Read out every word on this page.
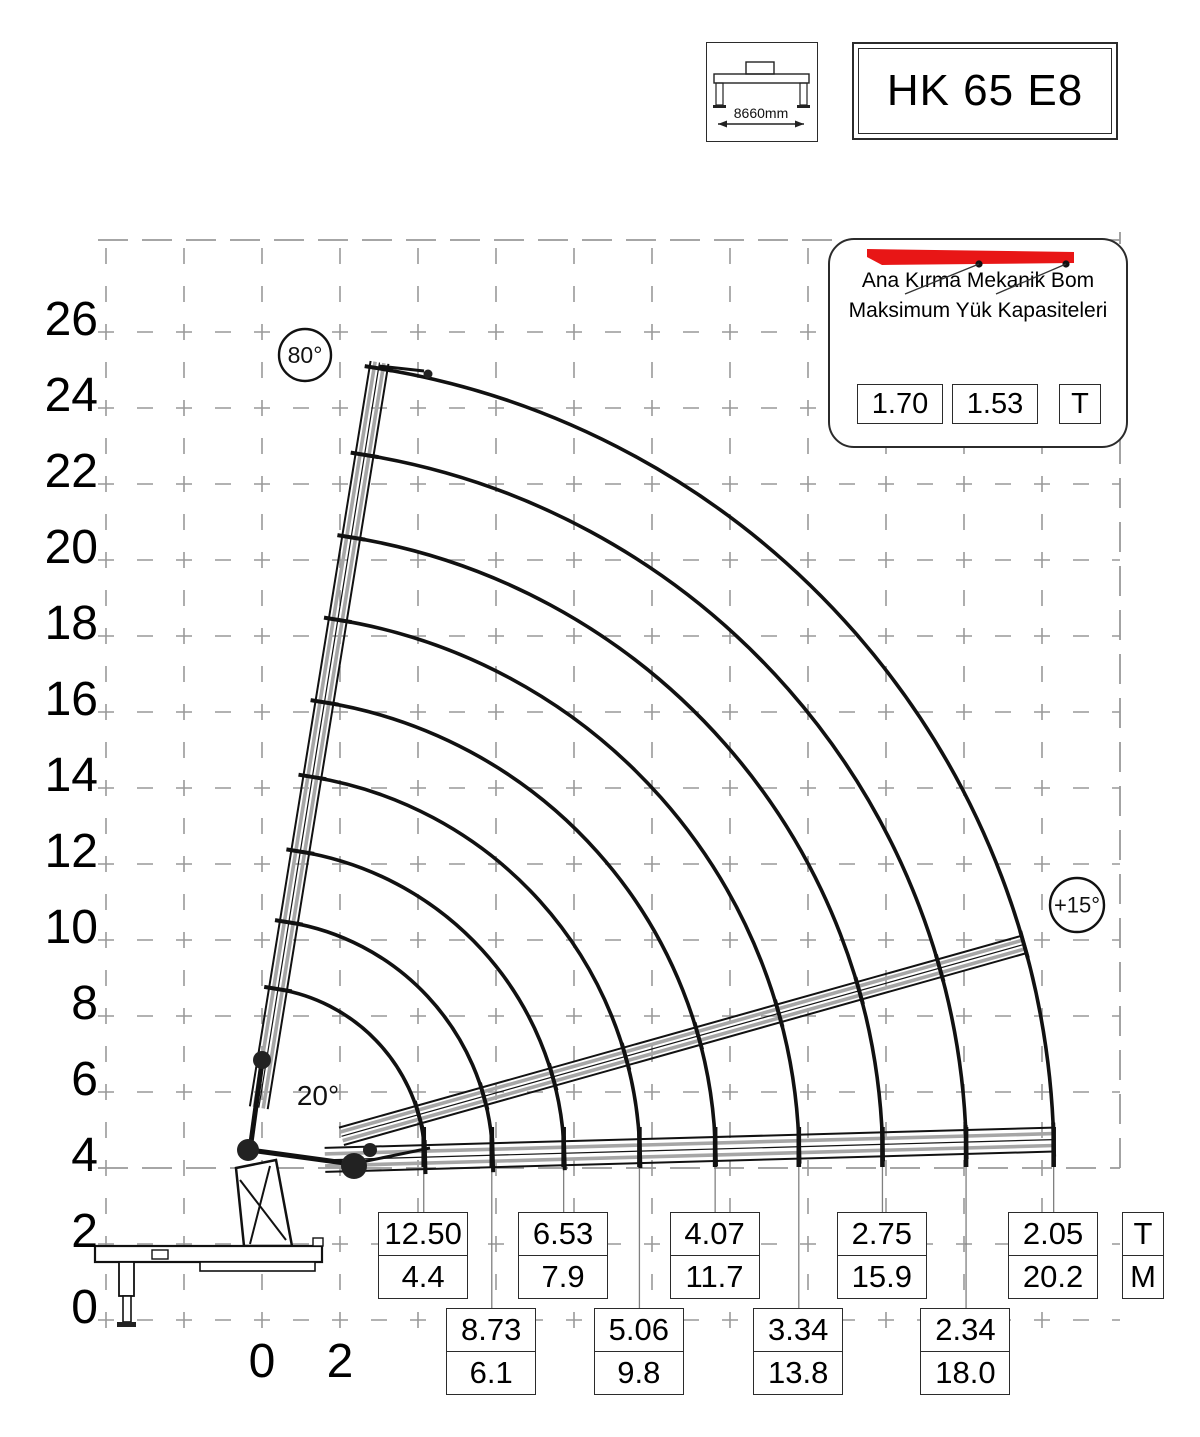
80°
+15°
20°
8660mm	HK 65 E8
Ana Kırma Mekanik Bom
Maksimum Yük Kapasiteleri
1.70	1.53	T
T
M
26
24
22
20
18
16
14
12
10
8
6
4
2
0
0	2
12.50
4.4
8.73
6.1
6.53
7.9
5.06
9.8
4.07
11.7
3.34
13.8
2.75
15.9
2.34
18.0
2.05
20.2
